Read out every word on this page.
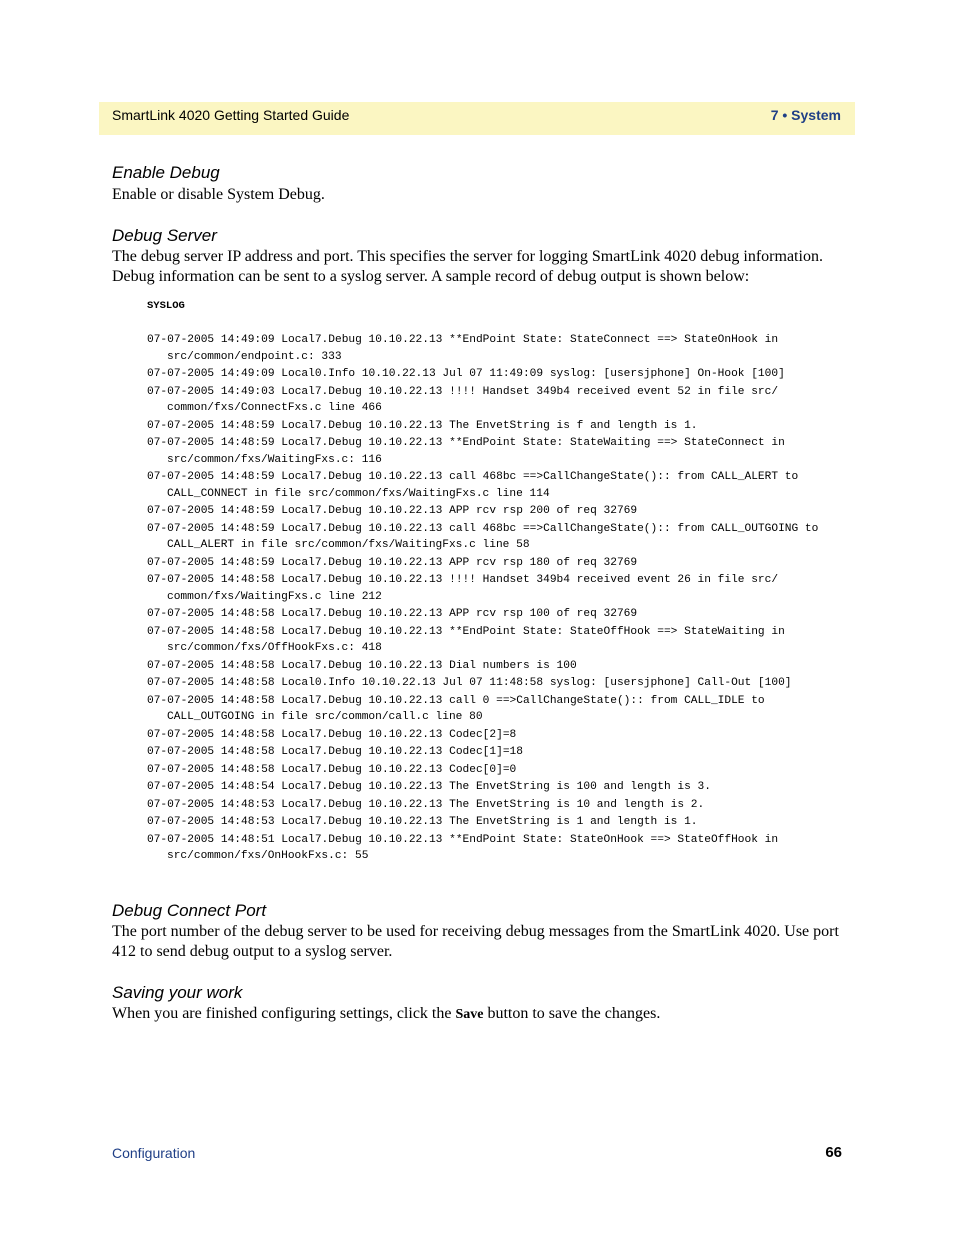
SmartLink 4020 Getting Started Guide	7 • System
Enable Debug
Enable or disable System Debug.
Debug Server
The debug server IP address and port. This specifies the server for logging SmartLink 4020 debug information. Debug information can be sent to a syslog server. A sample record of debug output is shown below:
SYSLOG
07-07-2005 14:49:09 Local7.Debug 10.10.22.13 **EndPoint State: StateConnect ==> StateOnHook in src/common/endpoint.c: 333
07-07-2005 14:49:09 Local0.Info 10.10.22.13 Jul 07 11:49:09 syslog: [usersjphone] On-Hook [100]
07-07-2005 14:49:03 Local7.Debug 10.10.22.13 !!!! Handset 349b4 received event 52 in file src/ common/fxs/ConnectFxs.c line 466
07-07-2005 14:48:59 Local7.Debug 10.10.22.13 The EnvetString is f and length is 1.
07-07-2005 14:48:59 Local7.Debug 10.10.22.13 **EndPoint State: StateWaiting ==> StateConnect in src/common/fxs/WaitingFxs.c: 116
07-07-2005 14:48:59 Local7.Debug 10.10.22.13 call 468bc ==>CallChangeState():: from CALL_ALERT to CALL_CONNECT in file src/common/fxs/WaitingFxs.c line 114
07-07-2005 14:48:59 Local7.Debug 10.10.22.13 APP rcv rsp 200 of req 32769
07-07-2005 14:48:59 Local7.Debug 10.10.22.13 call 468bc ==>CallChangeState():: from CALL_OUTGOING to CALL_ALERT in file src/common/fxs/WaitingFxs.c line 58
07-07-2005 14:48:59 Local7.Debug 10.10.22.13 APP rcv rsp 180 of req 32769
07-07-2005 14:48:58 Local7.Debug 10.10.22.13 !!!! Handset 349b4 received event 26 in file src/ common/fxs/WaitingFxs.c line 212
07-07-2005 14:48:58 Local7.Debug 10.10.22.13 APP rcv rsp 100 of req 32769
07-07-2005 14:48:58 Local7.Debug 10.10.22.13 **EndPoint State: StateOffHook ==> StateWaiting in src/common/fxs/OffHookFxs.c: 418
07-07-2005 14:48:58 Local7.Debug 10.10.22.13 Dial numbers is 100
07-07-2005 14:48:58 Local0.Info 10.10.22.13 Jul 07 11:48:58 syslog: [usersjphone] Call-Out [100]
07-07-2005 14:48:58 Local7.Debug 10.10.22.13 call 0 ==>CallChangeState():: from CALL_IDLE to CALL_OUTGOING in file src/common/call.c line 80
07-07-2005 14:48:58 Local7.Debug 10.10.22.13 Codec[2]=8
07-07-2005 14:48:58 Local7.Debug 10.10.22.13 Codec[1]=18
07-07-2005 14:48:58 Local7.Debug 10.10.22.13 Codec[0]=0
07-07-2005 14:48:54 Local7.Debug 10.10.22.13 The EnvetString is 100 and length is 3.
07-07-2005 14:48:53 Local7.Debug 10.10.22.13 The EnvetString is 10 and length is 2.
07-07-2005 14:48:53 Local7.Debug 10.10.22.13 The EnvetString is 1 and length is 1.
07-07-2005 14:48:51 Local7.Debug 10.10.22.13 **EndPoint State: StateOnHook ==> StateOffHook in src/common/fxs/OnHookFxs.c: 55
Debug Connect Port
The port number of the debug server to be used for receiving debug messages from the SmartLink 4020. Use port 412 to send debug output to a syslog server.
Saving your work
When you are finished configuring settings, click the Save button to save the changes.
Configuration	66
